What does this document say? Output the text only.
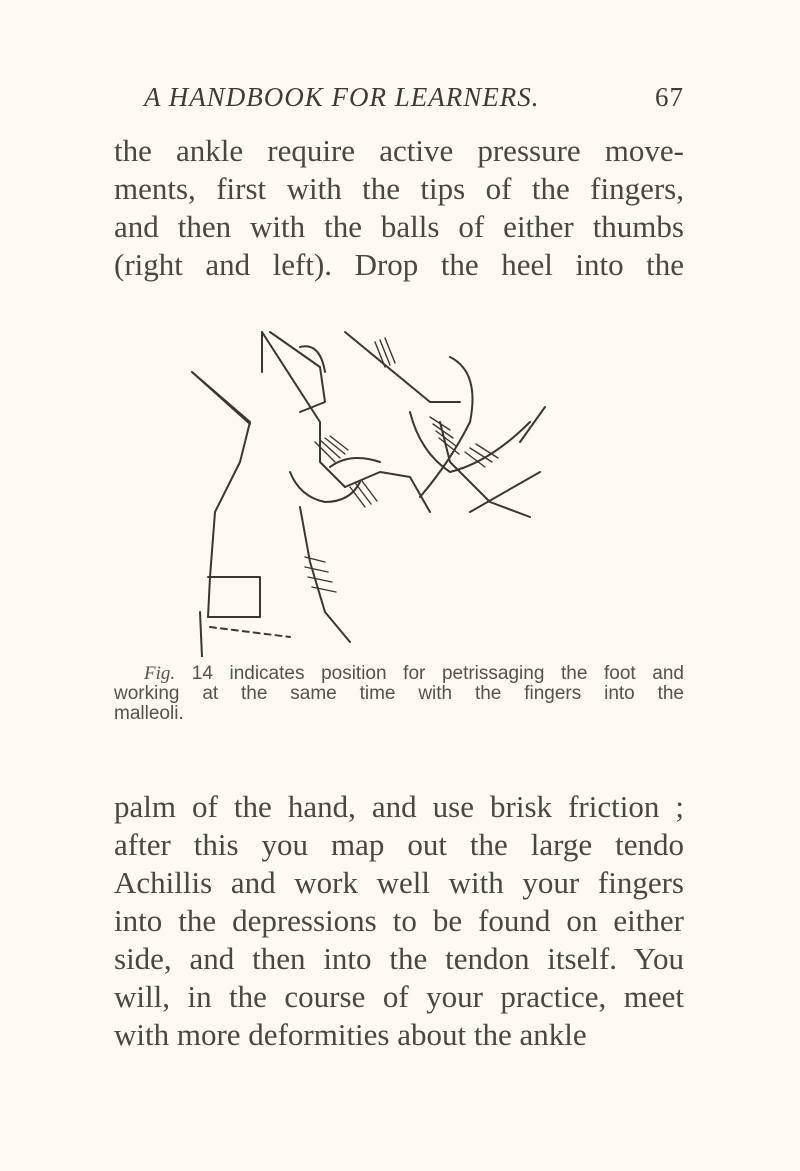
A HANDBOOK FOR LEARNERS.	67
the ankle require active pressure move-
ments, first with the tips of the fingers,
and then with the balls of either thumbs
(right and left). Drop the heel into the
Fig. 14 indicates position for petrissaging the foot and
working at the same time with the fingers into the
malleoli.
palm of the hand, and use brisk friction ;
after this you map out the large tendo
Achillis and work well with your fingers
into the depressions to be found on either
side, and then into the tendon itself. You
will, in the course of your practice, meet
with more deformities about the ankle
